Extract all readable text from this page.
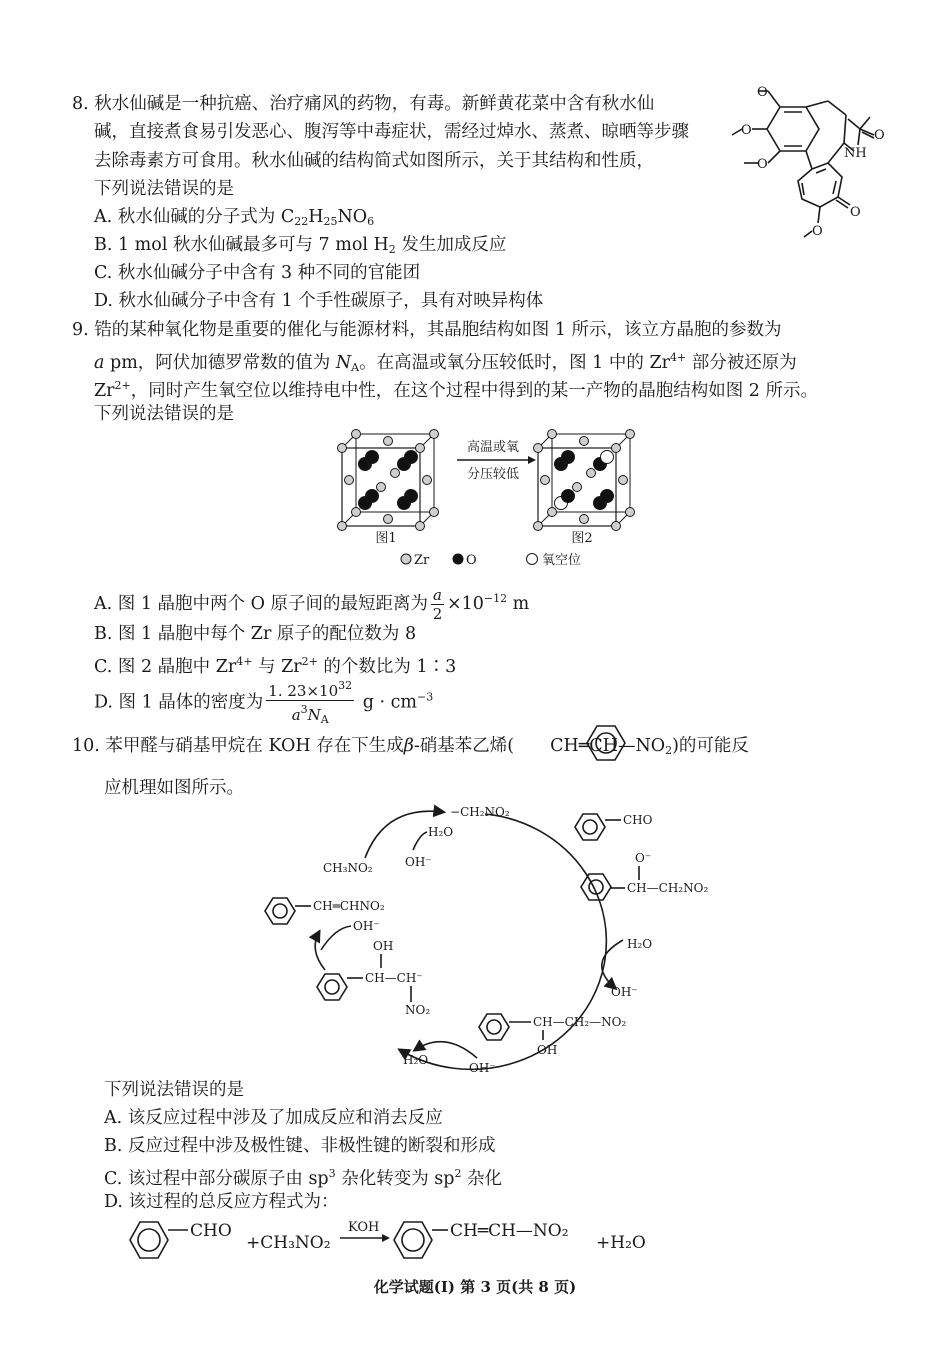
8. 秋水仙碱是一种抗癌、治疗痛风的药物，有毒。新鲜黄花菜中含有秋水仙
碱，直接煮食易引发恶心、腹泻等中毒症状，需经过焯水、蒸煮、晾晒等步骤
去除毒素方可食用。秋水仙碱的结构简式如图所示，关于其结构和性质，
下列说法错误的是
A. 秋水仙碱的分子式为 $C_{22}H_{25}NO_6$
B. 1 mol 秋水仙碱最多可与 7 mol $H_2$ 发生加成反应
C. 秋水仙碱分子中含有 3 种不同的官能团
D. 秋水仙碱分子中含有 1 个手性碳原子，具有对映异构体
O
O
O
NH
O
O
O
9. 锆的某种氧化物是重要的催化与能源材料，其晶胞结构如图 1 所示，该立方晶胞的参数为
a pm，阿伏加德罗常数的值为 $N_A$。在高温或氧分压较低时，图 1 中的 $Zr^{4+}$ 部分被还原为
$Zr^{2+}$，同时产生氧空位以维持电中性，在这个过程中得到的某一产物的晶胞结构如图 2 所示。
下列说法错误的是
高温或氧
分压较低
图1	图2
Zr	O	氧空位
A. 图 1 晶胞中两个 O 原子间的最短距离为 $\frac{a}{2} \times 10^{-12}$ m
B. 图 1 晶胞中每个 Zr 原子的配位数为 8
C. 图 2 晶胞中 $Zr^{4+}$ 与 $Zr^{2+}$ 的个数比为 1∶3
D. 图 1 晶体的密度为 $\frac{1. 23\times 10^{32}}{a^3N_A}$ $g \cdot cm^{-3}$
10. 苯甲醛与硝基甲烷在 KOH 存在下生成β-硝基苯乙烯( $CH═CH—NO_2$)的可能反
应机理如图所示。
−CH₂NO₂
H₂O
CH₃NO₂	OH⁻
CHO
O⁻
CH—CH₂NO₂
H₂O
OH⁻
CH—CH₂—NO₂
OH
H₂O
OH⁻
OH
CH—CH⁻
NO₂
CH═CHNO₂
OH⁻
下列说法错误的是
A. 该反应过程中涉及了加成反应和消去反应
B. 反应过程中涉及极性键、非极性键的断裂和形成
C. 该过程中部分碳原子由 $sp^3$ 杂化转变为 $sp^2$ 杂化
D. 该过程的总反应方程式为：
CHO
+CH₃NO₂
KOH	CH═CH—NO₂
+H₂O
化学试题(I) 第 3 页(共 8 页)
